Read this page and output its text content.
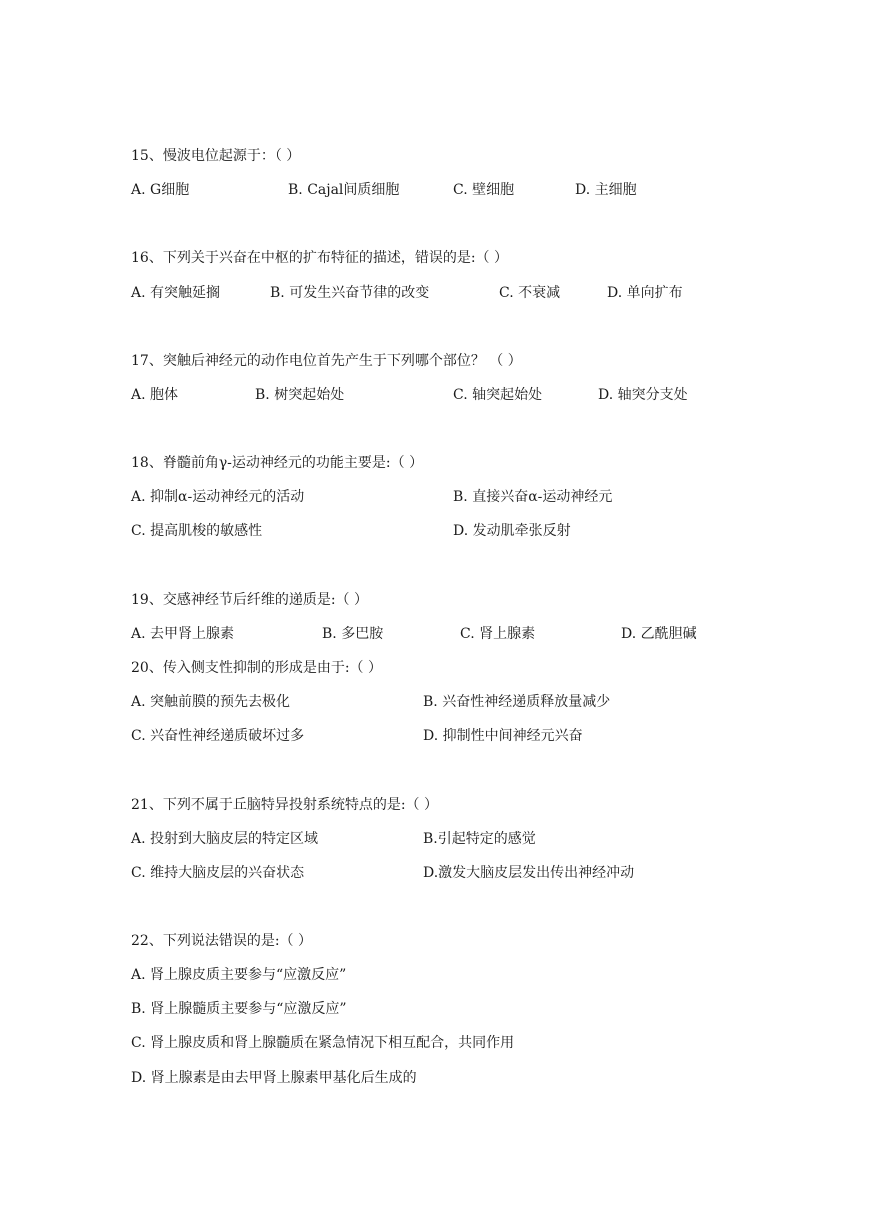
15、慢波电位起源于：（ ）
A. G细胞	B. Cajal间质细胞	C. 壁细胞	D. 主细胞
16、下列关于兴奋在中枢的扩布特征的描述，错误的是:（ ）
A. 有突触延搁	B. 可发生兴奋节律的改变	C. 不衰减	D. 单向扩布
17、突触后神经元的动作电位首先产生于下列哪个部位？ （ ）
A. 胞体	B. 树突起始处	C. 轴突起始处	D. 轴突分支处
18、脊髓前角γ-运动神经元的功能主要是:（ ）
A. 抑制α-运动神经元的活动	B. 直接兴奋α-运动神经元
C. 提高肌梭的敏感性	D. 发动肌牵张反射
19、交感神经节后纤维的递质是:（ ）
A. 去甲肾上腺素	B. 多巴胺	C. 肾上腺素	D. 乙酰胆碱
20、传入侧支性抑制的形成是由于:（ ）
A. 突触前膜的预先去极化	B. 兴奋性神经递质释放量减少
C. 兴奋性神经递质破坏过多	D. 抑制性中间神经元兴奋
21、下列不属于丘脑特异投射系统特点的是:（ ）
A. 投射到大脑皮层的特定区域	B.引起特定的感觉
C. 维持大脑皮层的兴奋状态	D.激发大脑皮层发出传出神经冲动
22、下列说法错误的是:（ ）
A. 肾上腺皮质主要参与“应激反应”
B. 肾上腺髓质主要参与“应激反应”
C. 肾上腺皮质和肾上腺髓质在紧急情况下相互配合，共同作用
D. 肾上腺素是由去甲肾上腺素甲基化后生成的
